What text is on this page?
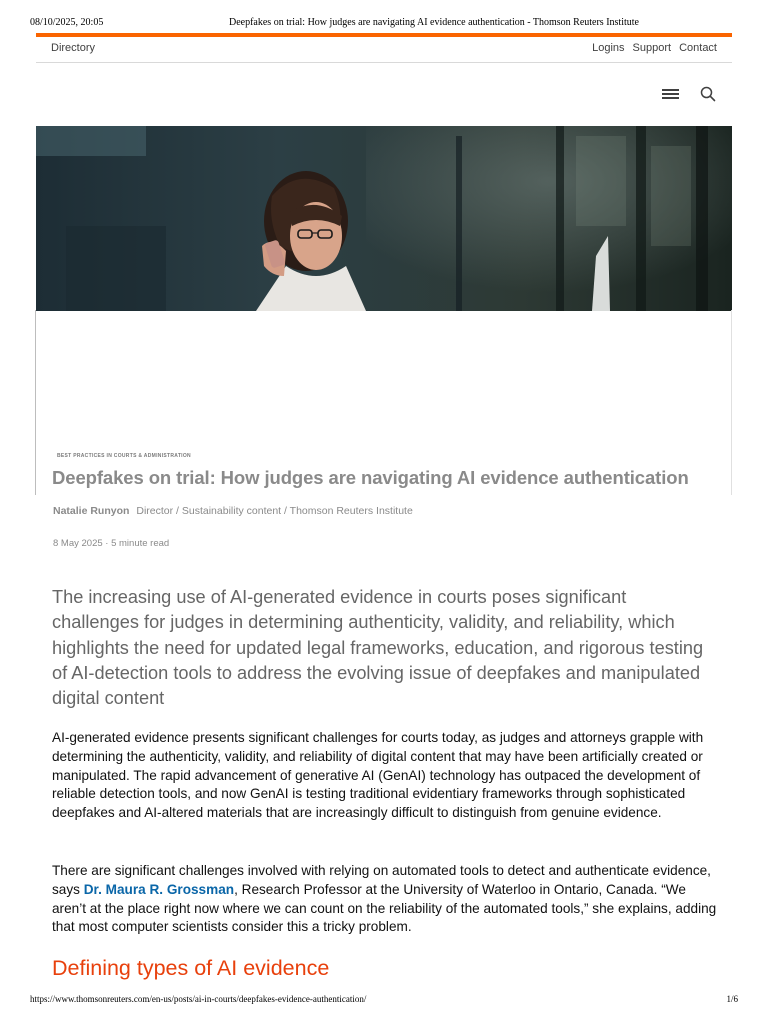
08/10/2025, 20:05	Deepfakes on trial: How judges are navigating AI evidence authentication - Thomson Reuters Institute
Directory	Logins Support Contact
BEST PRACTICES IN COURTS & ADMINISTRATION
Deepfakes on trial: How judges are navigating AI evidence authentication
Natalie Runyon Director / Sustainability content / Thomson Reuters Institute
8 May 2025 · 5 minute read

The increasing use of AI-generated evidence in courts poses significant challenges for judges in determining authenticity, validity, and reliability, which highlights the need for updated legal frameworks, education, and rigorous testing of AI-detection tools to address the evolving issue of deepfakes and manipulated digital content

AI-generated evidence presents significant challenges for courts today, as judges and attorneys grapple with determining the authenticity, validity, and reliability of digital content that may have been artificially created or manipulated. The rapid advancement of generative AI (GenAI) technology has outpaced the development of reliable detection tools, and now GenAI is testing traditional evidentiary frameworks through sophisticated deepfakes and AI-altered materials that are increasingly difficult to distinguish from genuine evidence.

There are significant challenges involved with relying on automated tools to detect and authenticate evidence, says Dr. Maura R. Grossman, Research Professor at the University of Waterloo in Ontario, Canada. “We aren’t at the place right now where we can count on the reliability of the automated tools,” she explains, adding that most computer scientists consider this a tricky problem.

Defining types of AI evidence
https://www.thomsonreuters.com/en-us/posts/ai-in-courts/deepfakes-evidence-authentication/	1/6
